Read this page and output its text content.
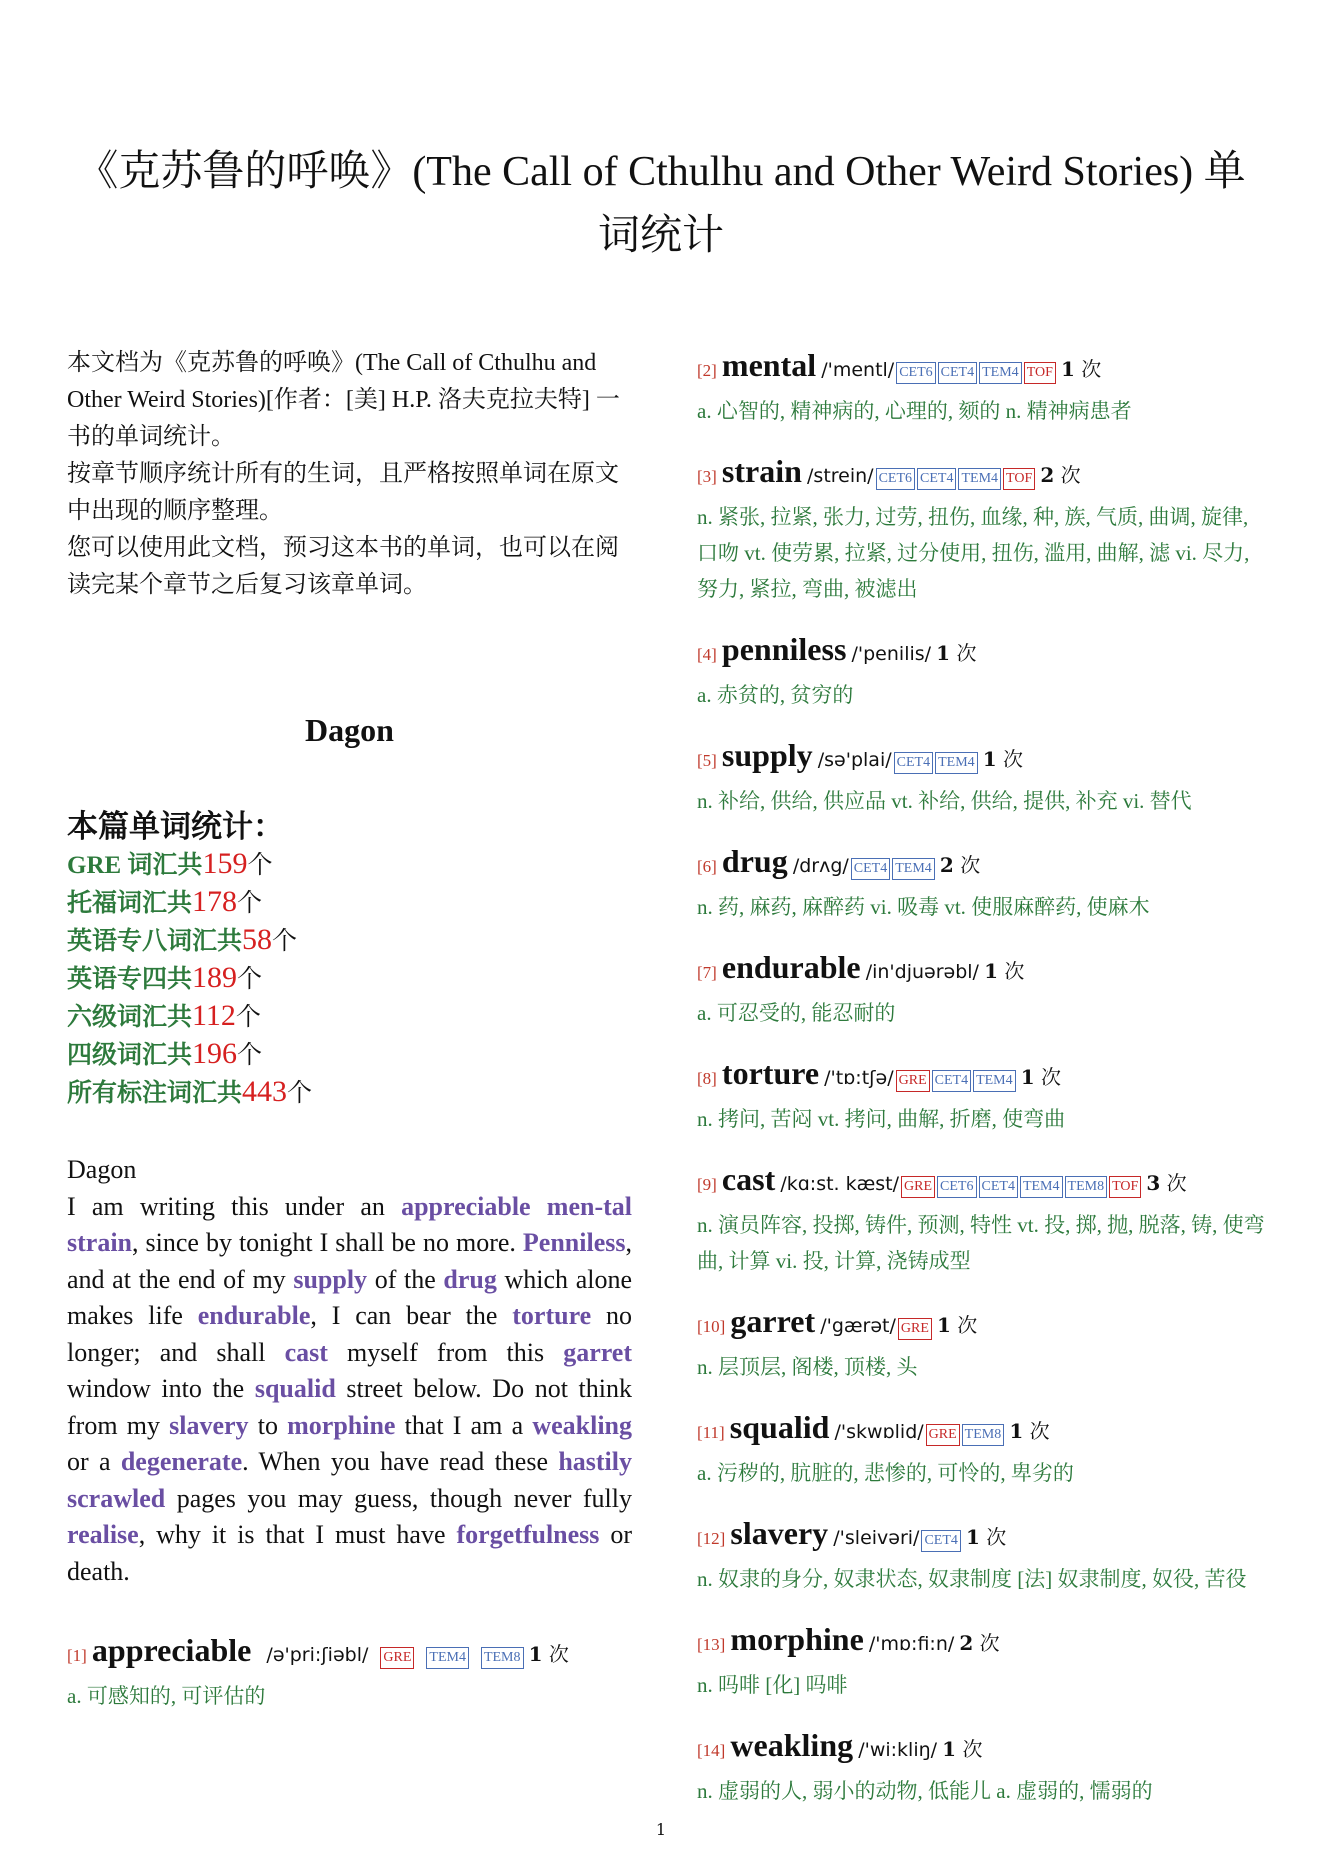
《克苏鲁的呼唤》(The Call of Cthulhu and Other Weird Stories) 单词统计

本文档为《克苏鲁的呼唤》(The Call of Cthulhu and Other Weird Stories)[作者：[美] H.P. 洛夫克拉夫特] 一书的单词统计。

按章节顺序统计所有的生词，且严格按照单词在原文中出现的顺序整理。

您可以使用此文档，预习这本书的单词，也可以在阅读完某个章节之后复习该章单词。

Dagon
本篇单词统计：
GRE 词汇共159个
托福词汇共178个
英语专八词汇共58个
英语专四共189个
六级词汇共112个
四级词汇共196个
所有标注词汇共443个
Dagon
I am writing this under an appreciable men-tal strain, since by tonight I shall be no more. Penniless, and at the end of my supply of the drug which alone makes life endurable, I can bear the torture no longer; and shall cast myself from this garret window into the squalid street below. Do not think from my slavery to morphine that I am a weakling or a degenerate. When you have read these hastily scrawled pages you may guess, though never fully realise, why it is that I must have forgetfulness or death.
[1] appreciable /ə'pri:ʃiəbl/ GRE TEM4 TEM8 1 次
a. 可感知的, 可评估的
[2] mental /'mentl/ CET6 CET4 TEM4 TOF 1 次
a. 心智的, 精神病的, 心理的, 颏的 n. 精神病患者
[3] strain /strein/ CET6 CET4 TEM4 TOF 2 次
n. 紧张, 拉紧, 张力, 过劳, 扭伤, 血缘, 种, 族, 气质, 曲调, 旋律, 口吻 vt. 使劳累, 拉紧, 过分使用, 扭伤, 滥用, 曲解, 滤 vi. 尽力, 努力, 紧拉, 弯曲, 被滤出
[4] penniless /'penilis/ 1 次
a. 赤贫的, 贫穷的
[5] supply /sə'plai/ CET4 TEM4 1 次
n. 补给, 供给, 供应品 vt. 补给, 供给, 提供, 补充 vi. 替代
[6] drug /drʌg/ CET4 TEM4 2 次
n. 药, 麻药, 麻醉药 vi. 吸毒 vt. 使服麻醉药, 使麻木
[7] endurable /in'djuərəbl/ 1 次
a. 可忍受的, 能忍耐的
[8] torture /'tɒ:tʃə/ GRE CET4 TEM4 1 次
n. 拷问, 苦闷 vt. 拷问, 曲解, 折磨, 使弯曲
[9] cast /kɑ:st. kæst/ GRE CET6 CET4 TEM4 TEM8 TOF 3 次
n. 演员阵容, 投掷, 铸件, 预测, 特性 vt. 投, 掷, 抛, 脱落, 铸, 使弯曲, 计算 vi. 投, 计算, 浇铸成型
[10] garret /'gærət/ GRE 1 次
n. 层顶层, 阁楼, 顶楼, 头
[11] squalid /'skwɒlid/ GRE TEM8 1 次
a. 污秽的, 肮脏的, 悲惨的, 可怜的, 卑劣的
[12] slavery /'sleivəri/ CET4 1 次
n. 奴隶的身分, 奴隶状态, 奴隶制度 [法] 奴隶制度, 奴役, 苦役
[13] morphine /'mɒ:fi:n/ 2 次
n. 吗啡 [化] 吗啡
[14] weakling /'wi:kliŋ/ 1 次
n. 虚弱的人, 弱小的动物, 低能儿 a. 虚弱的, 懦弱的
1
